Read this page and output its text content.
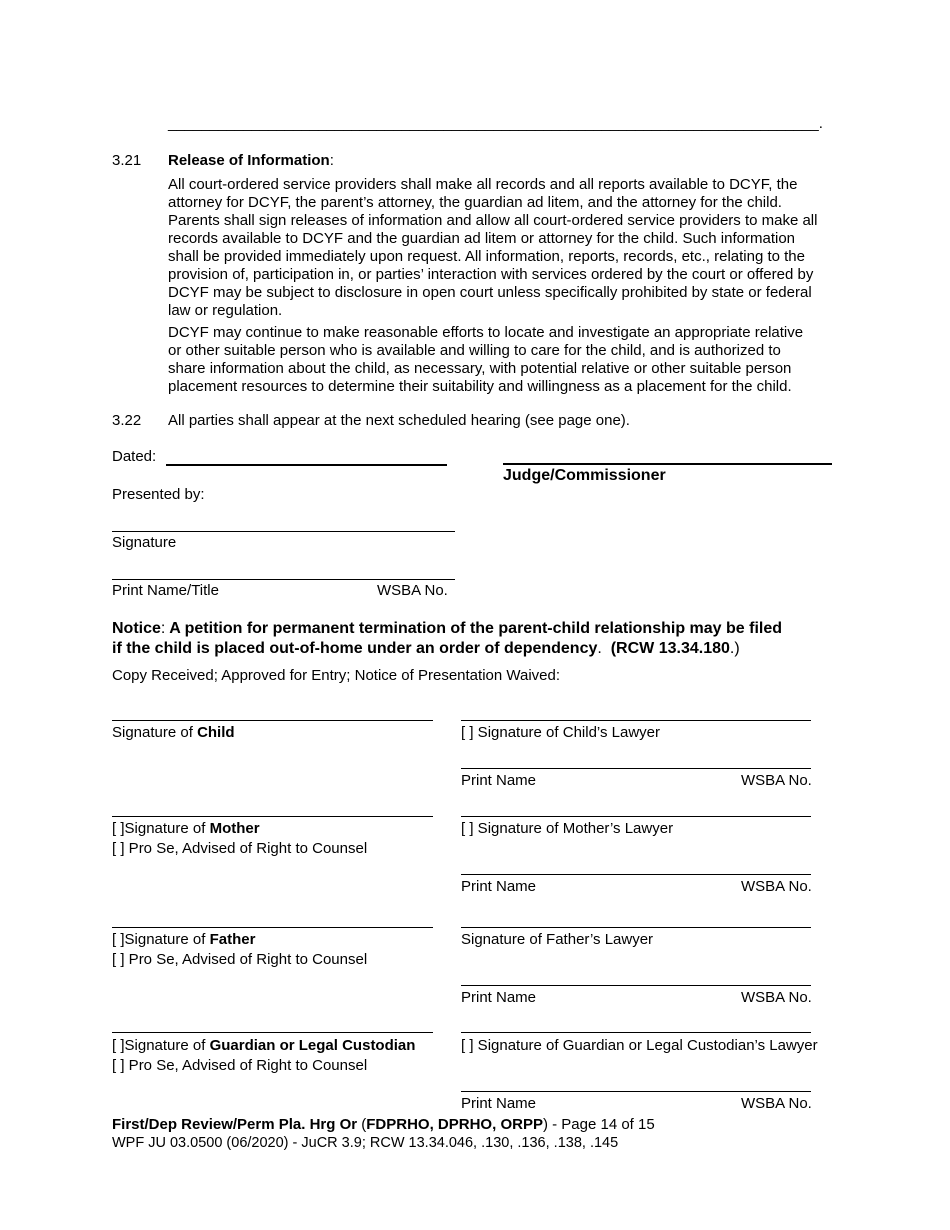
______________________________________________________________________________.
3.21 Release of Information:
All court-ordered service providers shall make all records and all reports available to DCYF, the
attorney for DCYF, the parent’s attorney, the guardian ad litem, and the attorney for the child.
Parents shall sign releases of information and allow all court-ordered service providers to make all
records available to DCYF and the guardian ad litem or attorney for the child. Such information
shall be provided immediately upon request. All information, reports, records, etc., relating to the
provision of, participation in, or parties’ interaction with services ordered by the court or offered by
DCYF may be subject to disclosure in open court unless specifically prohibited by state or federal
law or regulation.
DCYF may continue to make reasonable efforts to locate and investigate an appropriate relative
or other suitable person who is available and willing to care for the child, and is authorized to
share information about the child, as necessary, with potential relative or other suitable person
placement resources to determine their suitability and willingness as a placement for the child.
3.22 All parties shall appear at the next scheduled hearing (see page one).
Dated:
Judge/Commissioner
Presented by:
Signature
Print Name/Title	WSBA No.
Notice: A petition for permanent termination of the parent-child relationship may be filed
if the child is placed out-of-home under an order of dependency.  (RCW 13.34.180.)
Copy Received; Approved for Entry; Notice of Presentation Waived:
Signature of Child	[ ] Signature of Child’s Lawyer
Print Name	WSBA No.
[ ]Signature of Mother
[ ] Pro Se, Advised of Right to Counsel
[ ] Signature of Mother’s Lawyer
Print Name	WSBA No.
[ ]Signature of Father
[ ] Pro Se, Advised of Right to Counsel
Signature of Father’s Lawyer
Print Name	WSBA No.
[ ]Signature of Guardian or Legal Custodian
[ ] Pro Se, Advised of Right to Counsel
[ ] Signature of Guardian or Legal Custodian’s Lawyer
Print Name	WSBA No.
First/Dep Review/Perm Pla. Hrg Or (FDPRHO, DPRHO, ORPP) - Page 14 of 15
WPF JU 03.0500 (06/2020) - JuCR 3.9; RCW 13.34.046, .130, .136, .138, .145
